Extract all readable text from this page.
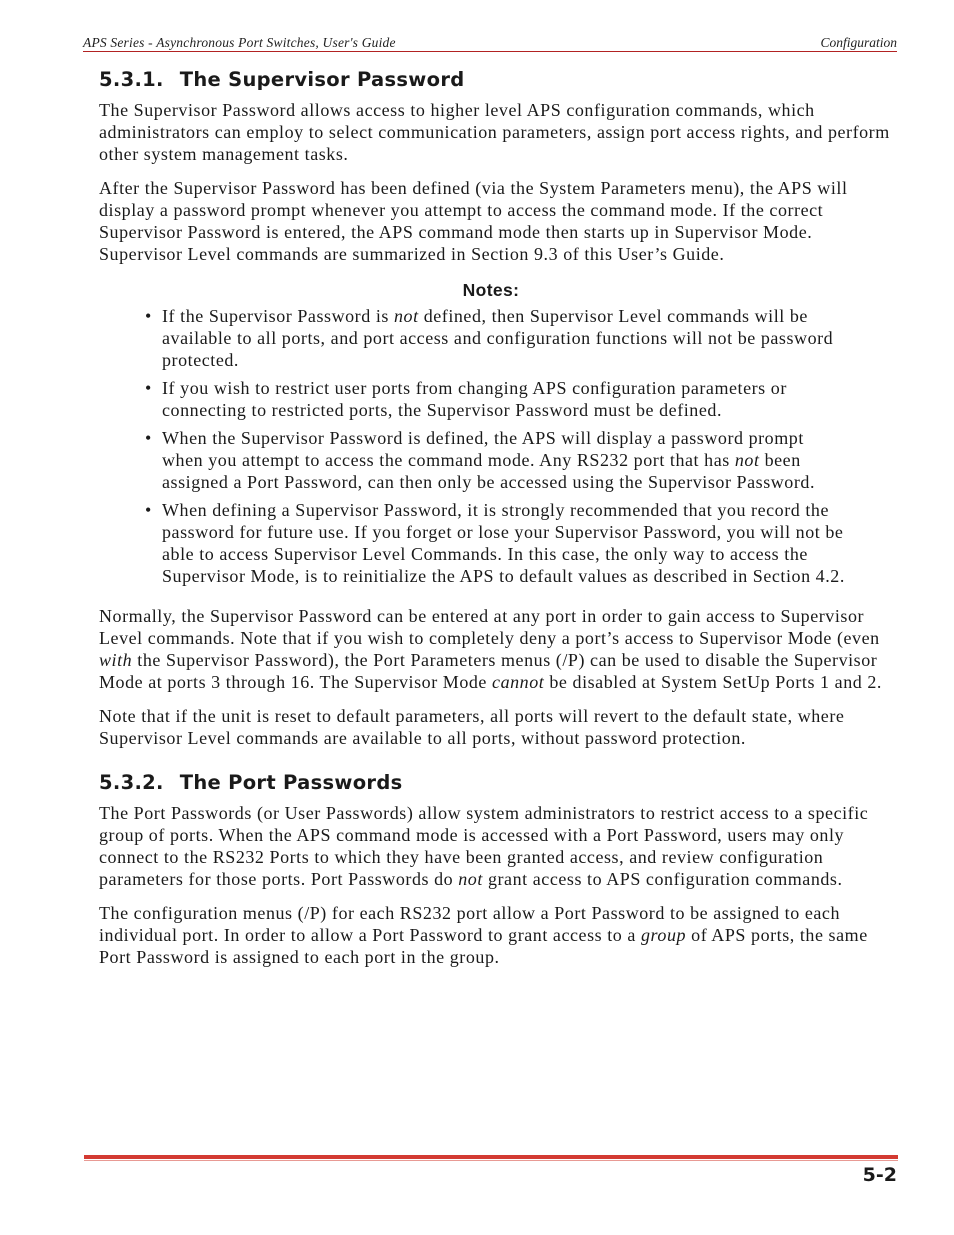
APS Series - Asynchronous Port Switches, User's Guide	Configuration
5.3.1. The Supervisor Password

The Supervisor Password allows access to higher level APS configuration commands, which administrators can employ to select communication parameters, assign port access rights, and perform other system management tasks.

After the Supervisor Password has been defined (via the System Parameters menu), the APS will display a password prompt whenever you attempt to access the command mode. If the correct Supervisor Password is entered, the APS command mode then starts up in Supervisor Mode. Supervisor Level commands are summarized in Section 9.3 of this User’s Guide.

Notes:
• If the Supervisor Password is not defined, then Supervisor Level commands will be available to all ports, and port access and configuration functions will not be password protected.
• If you wish to restrict user ports from changing APS configuration parameters or connecting to restricted ports, the Supervisor Password must be defined.
• When the Supervisor Password is defined, the APS will display a password prompt when you attempt to access the command mode. Any RS232 port that has not been assigned a Port Password, can then only be accessed using the Supervisor Password.
• When defining a Supervisor Password, it is strongly recommended that you record the password for future use. If you forget or lose your Supervisor Password, you will not be able to access Supervisor Level Commands. In this case, the only way to access the Supervisor Mode, is to reinitialize the APS to default values as described in Section 4.2.

Normally, the Supervisor Password can be entered at any port in order to gain access to Supervisor Level commands. Note that if you wish to completely deny a port’s access to Supervisor Mode (even with the Supervisor Password), the Port Parameters menus (/P) can be used to disable the Supervisor Mode at ports 3 through 16. The Supervisor Mode cannot be disabled at System SetUp Ports 1 and 2.

Note that if the unit is reset to default parameters, all ports will revert to the default state, where Supervisor Level commands are available to all ports, without password protection.

5.3.2. The Port Passwords

The Port Passwords (or User Passwords) allow system administrators to restrict access to a specific group of ports. When the APS command mode is accessed with a Port Password, users may only connect to the RS232 Ports to which they have been granted access, and review configuration parameters for those ports. Port Passwords do not grant access to APS configuration commands.

The configuration menus (/P) for each RS232 port allow a Port Password to be assigned to each individual port. In order to allow a Port Password to grant access to a group of APS ports, the same Port Password is assigned to each port in the group.

5-2
